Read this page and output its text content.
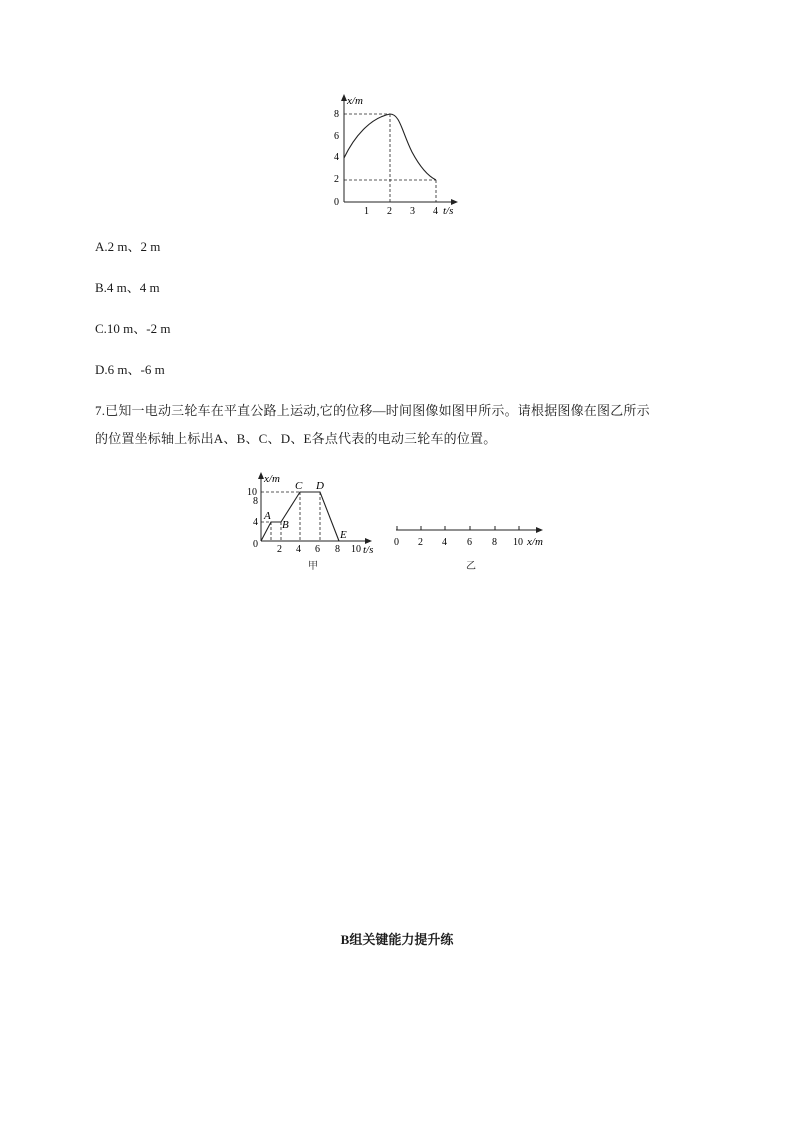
x/m
t/s
8
6
4
2
0
1 2 3 4
A.2 m、2 m
B.4 m、4 m
C.10 m、-2 m
D.6 m、-6 m
7.已知一电动三轮车在平直公路上运动,它的位移—时间图像如图甲所示。请根据图像在图乙所示
的位置坐标轴上标出A、B、C、D、E各点代表的电动三轮车的位置。
x/m
t/s
10
8
4
0 2 4 6 8 10
A
B
C D
E
甲
0 2 4 6 8 10 x/m
乙
B组关键能力提升练
